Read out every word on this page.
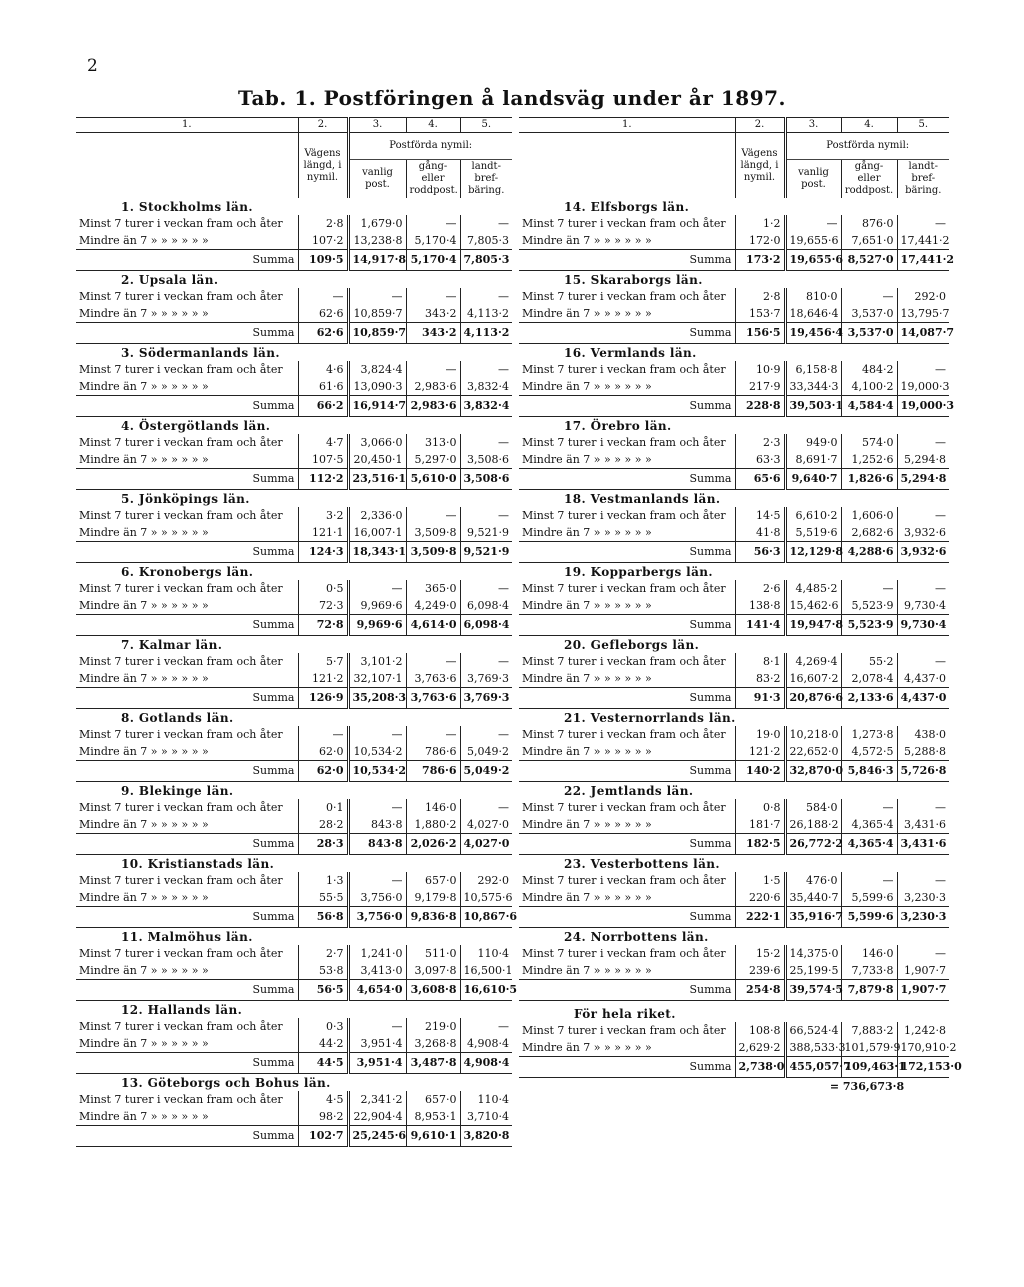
2
Tab. 1. Postföringen å landsväg under år 1897.
1.	2.	3.	4.	5.
	Vägens längd, i nymil.	Postförda nymil:		
		vanlig post.	gång- eller roddpost.	landt- bref- bäring.
1. Stockholms län.				
Minst 7 turer i veckan fram och åter	2·8	1,679·0	—	—
Mindre än 7 » » » » » »	107·2	13,238·8	5,170·4	7,805·3
Summa	109·5	14,917·8	5,170·4	7,805·3
2. Upsala län.				
Minst 7 turer i veckan fram och åter	—	—	—	—
Mindre än 7 » » » » » »	62·6	10,859·7	343·2	4,113·2
Summa	62·6	10,859·7	343·2	4,113·2
3. Södermanlands län.				
Minst 7 turer i veckan fram och åter	4·6	3,824·4	—	—
Mindre än 7 » » » » » »	61·6	13,090·3	2,983·6	3,832·4
Summa	66·2	16,914·7	2,983·6	3,832·4
4. Östergötlands län.				
Minst 7 turer i veckan fram och åter	4·7	3,066·0	313·0	—
Mindre än 7 » » » » » »	107·5	20,450·1	5,297·0	3,508·6
Summa	112·2	23,516·1	5,610·0	3,508·6
5. Jönköpings län.				
Minst 7 turer i veckan fram och åter	3·2	2,336·0	—	—
Mindre än 7 » » » » » »	121·1	16,007·1	3,509·8	9,521·9
Summa	124·3	18,343·1	3,509·8	9,521·9
6. Kronobergs län.				
Minst 7 turer i veckan fram och åter	0·5	—	365·0	—
Mindre än 7 » » » » » »	72·3	9,969·6	4,249·0	6,098·4
Summa	72·8	9,969·6	4,614·0	6,098·4
7. Kalmar län.				
Minst 7 turer i veckan fram och åter	5·7	3,101·2	—	—
Mindre än 7 » » » » » »	121·2	32,107·1	3,763·6	3,769·3
Summa	126·9	35,208·3	3,763·6	3,769·3
8. Gotlands län.				
Minst 7 turer i veckan fram och åter	—	—	—	—
Mindre än 7 » » » » » »	62·0	10,534·2	786·6	5,049·2
Summa	62·0	10,534·2	786·6	5,049·2
9. Blekinge län.				
Minst 7 turer i veckan fram och åter	0·1	—	146·0	—
Mindre än 7 » » » » » »	28·2	843·8	1,880·2	4,027·0
Summa	28·3	843·8	2,026·2	4,027·0
10. Kristianstads län.				
Minst 7 turer i veckan fram och åter	1·3	—	657·0	292·0
Mindre än 7 » » » » » »	55·5	3,756·0	9,179·8	10,575·6
Summa	56·8	3,756·0	9,836·8	10,867·6
11. Malmöhus län.				
Minst 7 turer i veckan fram och åter	2·7	1,241·0	511·0	110·4
Mindre än 7 » » » » » »	53·8	3,413·0	3,097·8	16,500·1
Summa	56·5	4,654·0	3,608·8	16,610·5
12. Hallands län.				
Minst 7 turer i veckan fram och åter	0·3	—	219·0	—
Mindre än 7 » » » » » »	44·2	3,951·4	3,268·8	4,908·4
Summa	44·5	3,951·4	3,487·8	4,908·4
13. Göteborgs och Bohus län.				
Minst 7 turer i veckan fram och åter	4·5	2,341·2	657·0	110·4
Mindre än 7 » » » » » »	98·2	22,904·4	8,953·1	3,710·4
Summa	102·7	25,245·6	9,610·1	3,820·8
1.	2.	3.	4.	5.
	Vägens längd, i nymil.	Postförda nymil:		
		vanlig post.	gång- eller roddpost.	landt- bref- bäring.
14. Elfsborgs län.				
Minst 7 turer i veckan fram och åter	1·2	—	876·0	—
Mindre än 7 » » » » » »	172·0	19,655·6	7,651·0	17,441·2
Summa	173·2	19,655·6	8,527·0	17,441·2
15. Skaraborgs län.				
Minst 7 turer i veckan fram och åter	2·8	810·0	—	292·0
Mindre än 7 » » » » » »	153·7	18,646·4	3,537·0	13,795·7
Summa	156·5	19,456·4	3,537·0	14,087·7
16. Vermlands län.				
Minst 7 turer i veckan fram och åter	10·9	6,158·8	484·2	—
Mindre än 7 » » » » » »	217·9	33,344·3	4,100·2	19,000·3
Summa	228·8	39,503·1	4,584·4	19,000·3
17. Örebro län.				
Minst 7 turer i veckan fram och åter	2·3	949·0	574·0	—
Mindre än 7 » » » » » »	63·3	8,691·7	1,252·6	5,294·8
Summa	65·6	9,640·7	1,826·6	5,294·8
18. Vestmanlands län.				
Minst 7 turer i veckan fram och åter	14·5	6,610·2	1,606·0	—
Mindre än 7 » » » » » »	41·8	5,519·6	2,682·6	3,932·6
Summa	56·3	12,129·8	4,288·6	3,932·6
19. Kopparbergs län.				
Minst 7 turer i veckan fram och åter	2·6	4,485·2	—	—
Mindre än 7 » » » » » »	138·8	15,462·6	5,523·9	9,730·4
Summa	141·4	19,947·8	5,523·9	9,730·4
20. Gefleborgs län.				
Minst 7 turer i veckan fram och åter	8·1	4,269·4	55·2	—
Mindre än 7 » » » » » »	83·2	16,607·2	2,078·4	4,437·0
Summa	91·3	20,876·6	2,133·6	4,437·0
21. Vesternorrlands län.				
Minst 7 turer i veckan fram och åter	19·0	10,218·0	1,273·8	438·0
Mindre än 7 » » » » » »	121·2	22,652·0	4,572·5	5,288·8
Summa	140·2	32,870·0	5,846·3	5,726·8
22. Jemtlands län.				
Minst 7 turer i veckan fram och åter	0·8	584·0	—	—
Mindre än 7 » » » » » »	181·7	26,188·2	4,365·4	3,431·6
Summa	182·5	26,772·2	4,365·4	3,431·6
23. Vesterbottens län.				
Minst 7 turer i veckan fram och åter	1·5	476·0	—	—
Mindre än 7 » » » » » »	220·6	35,440·7	5,599·6	3,230·3
Summa	222·1	35,916·7	5,599·6	3,230·3
24. Norrbottens län.				
Minst 7 turer i veckan fram och åter	15·2	14,375·0	146·0	—
Mindre än 7 » » » » » »	239·6	25,199·5	7,733·8	1,907·7
Summa	254·8	39,574·5	7,879·8	1,907·7

För hela riket.				
Minst 7 turer i veckan fram och åter	108·8	66,524·4	7,883·2	1,242·8
Mindre än 7 » » » » » »	2,629·2	388,533·3	101,579·9	170,910·2
Summa	2,738·0	455,057·7	109,463·1	172,153·0
		= 736,673·8		
